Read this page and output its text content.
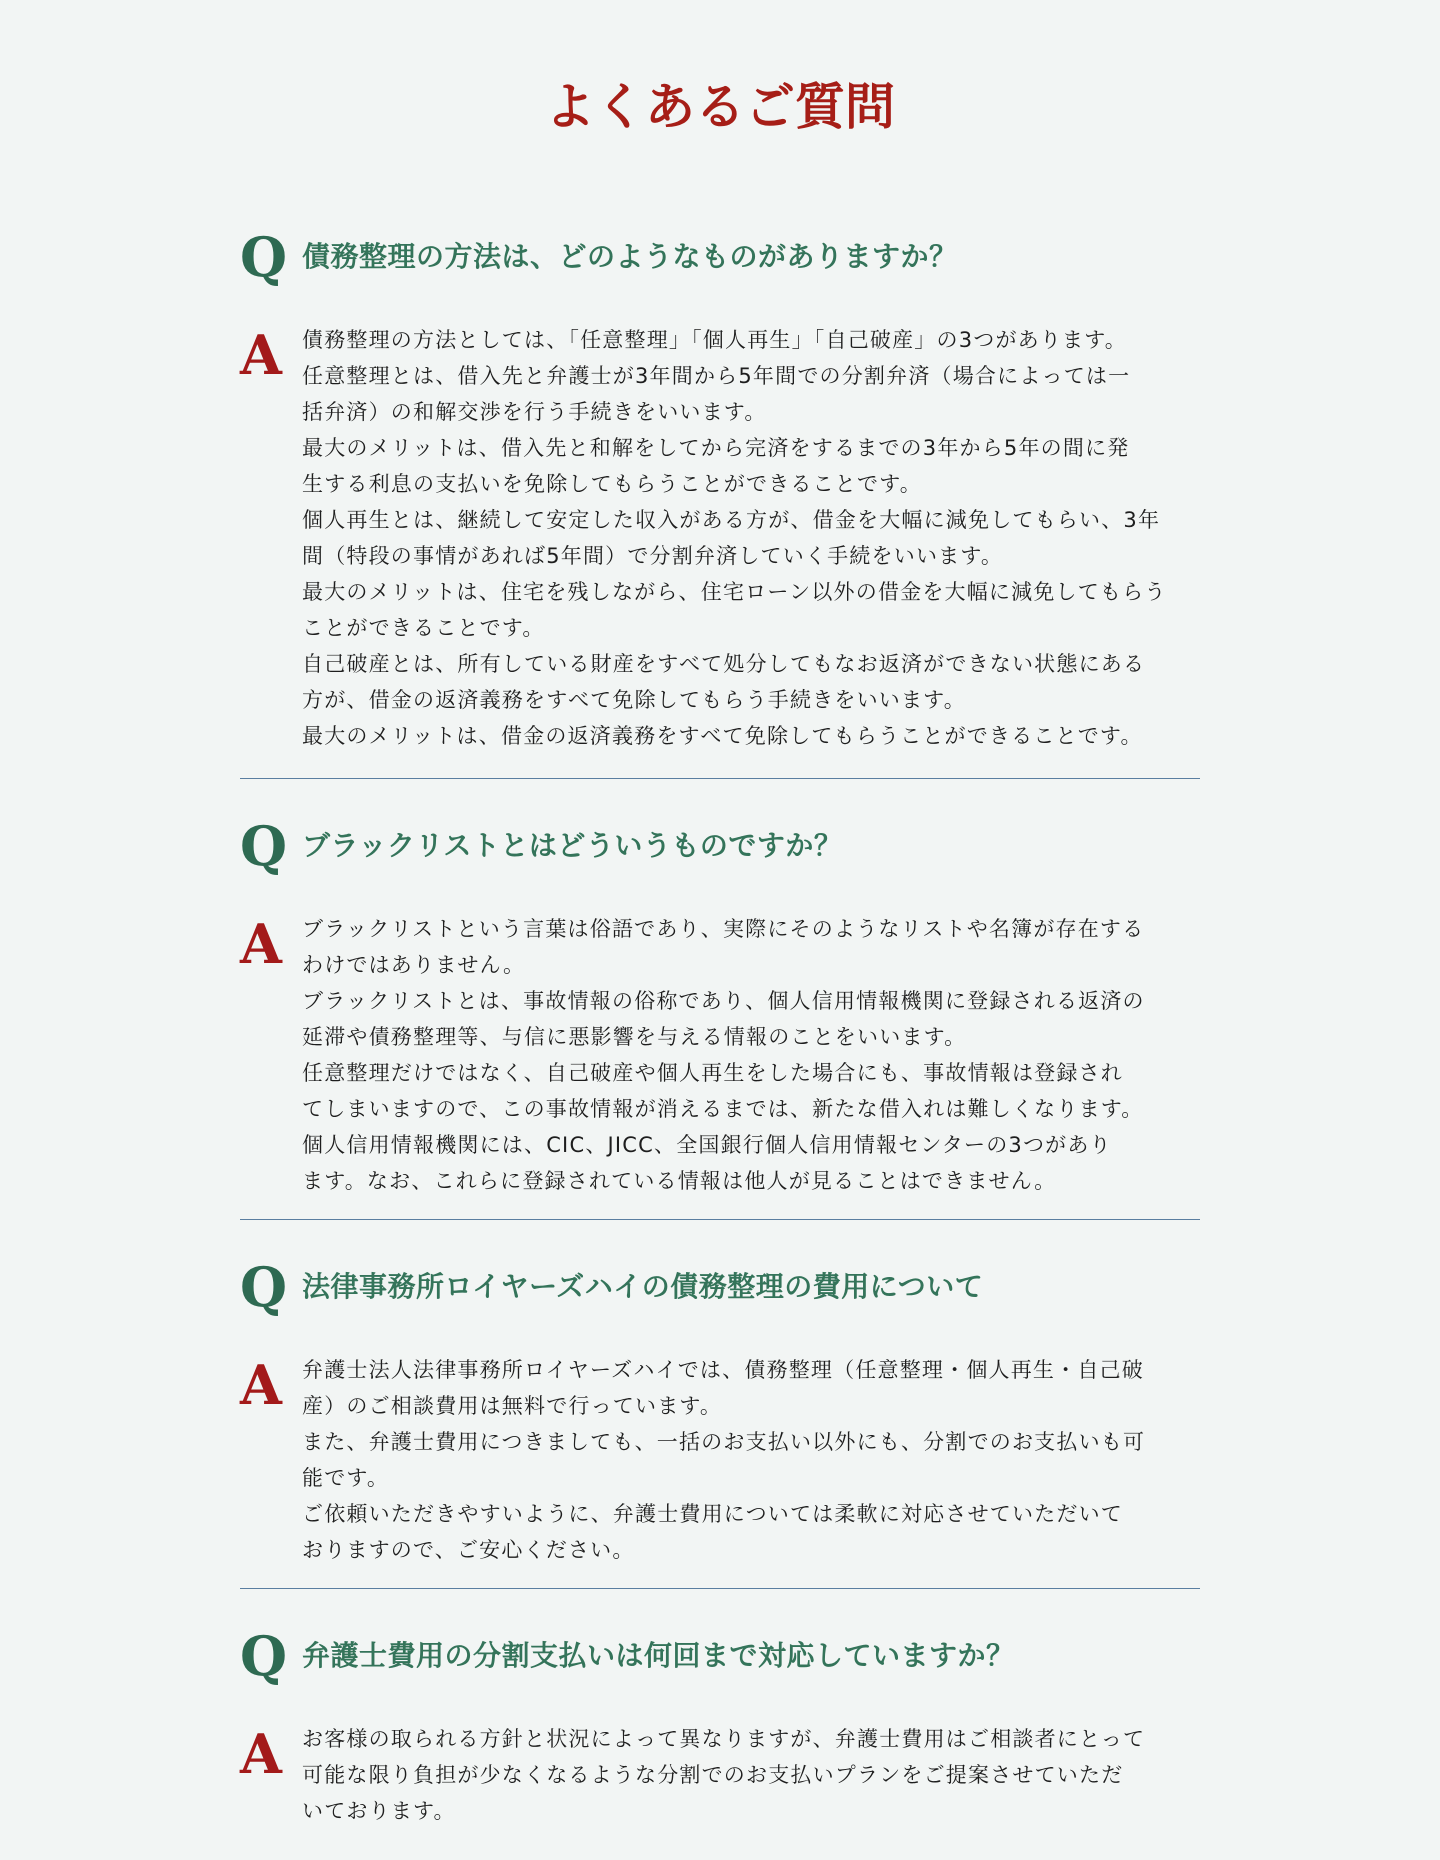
よくあるご質問
Q 債務整理の方法は、どのようなものがありますか？
A 債務整理の方法としては、「任意整理」「個人再生」「自己破産」の3つがあります。
任意整理とは、借入先と弁護士が3年間から5年間での分割弁済（場合によっては一
括弁済）の和解交渉を行う手続きをいいます。
最大のメリットは、借入先と和解をしてから完済をするまでの3年から5年の間に発
生する利息の支払いを免除してもらうことができることです。
個人再生とは、継続して安定した収入がある方が、借金を大幅に減免してもらい、3年
間（特段の事情があれば5年間）で分割弁済していく手続をいいます。
最大のメリットは、住宅を残しながら、住宅ローン以外の借金を大幅に減免してもらう
ことができることです。
自己破産とは、所有している財産をすべて処分してもなお返済ができない状態にある
方が、借金の返済義務をすべて免除してもらう手続きをいいます。
最大のメリットは、借金の返済義務をすべて免除してもらうことができることです。

Q ブラックリストとはどういうものですか？
A ブラックリストという言葉は俗語であり、実際にそのようなリストや名簿が存在する
わけではありません。
ブラックリストとは、事故情報の俗称であり、個人信用情報機関に登録される返済の
延滞や債務整理等、与信に悪影響を与える情報のことをいいます。
任意整理だけではなく、自己破産や個人再生をした場合にも、事故情報は登録され
てしまいますので、この事故情報が消えるまでは、新たな借入れは難しくなります。
個人信用情報機関には、CIC、JICC、全国銀行個人信用情報センターの3つがあり
ます。なお、これらに登録されている情報は他人が見ることはできません。

Q 法律事務所ロイヤーズハイの債務整理の費用について
A 弁護士法人法律事務所ロイヤーズハイでは、債務整理（任意整理・個人再生・自己破
産）のご相談費用は無料で行っています。
また、弁護士費用につきましても、一括のお支払い以外にも、分割でのお支払いも可
能です。
ご依頼いただきやすいように、弁護士費用については柔軟に対応させていただいて
おりますので、ご安心ください。

Q 弁護士費用の分割支払いは何回まで対応していますか？
A お客様の取られる方針と状況によって異なりますが、弁護士費用はご相談者にとって
可能な限り負担が少なくなるような分割でのお支払いプランをご提案させていただ
いております。
